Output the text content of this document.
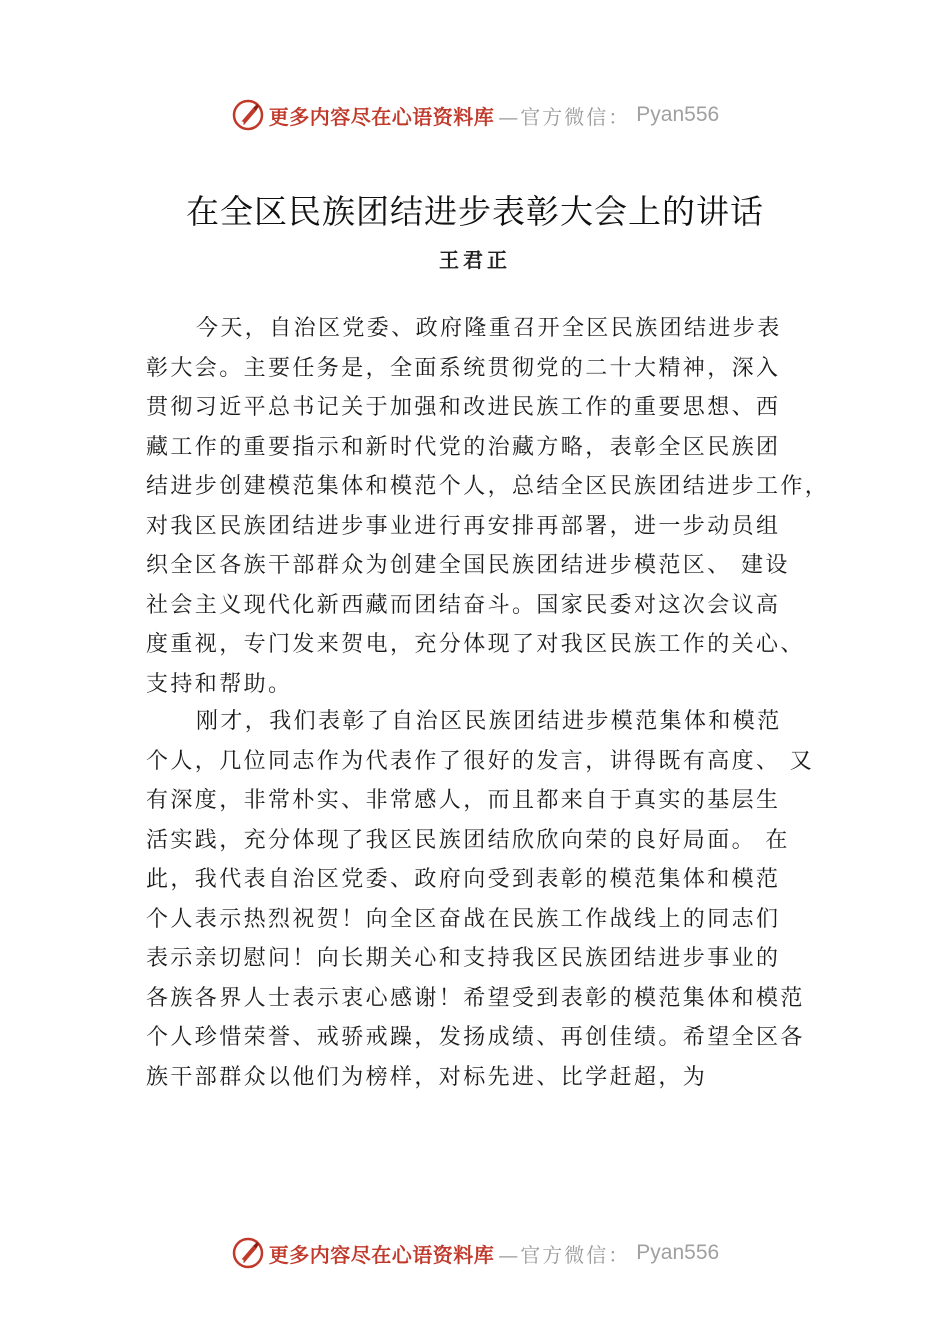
更多内容尽在心语资料库 —官方微信： Pyan556
在全区民族团结进步表彰大会上的讲话
王君正
今天，自治区党委、政府隆重召开全区民族团结进步表
彰大会。主要任务是，全面系统贯彻党的二十大精神，深入
贯彻习近平总书记关于加强和改进民族工作的重要思想、西
藏工作的重要指示和新时代党的治藏方略，表彰全区民族团
结进步创建模范集体和模范个人，总结全区民族团结进步工作，
对我区民族团结进步事业进行再安排再部署，进一步动员组
织全区各族干部群众为创建全国民族团结进步模范区、 建设
社会主义现代化新西藏而团结奋斗。国家民委对这次会议高
度重视，专门发来贺电，充分体现了对我区民族工作的关心、
支持和帮助。
刚才，我们表彰了自治区民族团结进步模范集体和模范
个人，几位同志作为代表作了很好的发言，讲得既有高度、 又
有深度，非常朴实、非常感人，而且都来自于真实的基层生
活实践，充分体现了我区民族团结欣欣向荣的良好局面。 在
此，我代表自治区党委、政府向受到表彰的模范集体和模范
个人表示热烈祝贺！向全区奋战在民族工作战线上的同志们
表示亲切慰问！向长期关心和支持我区民族团结进步事业的
各族各界人士表示衷心感谢！希望受到表彰的模范集体和模范
个人珍惜荣誉、戒骄戒躁，发扬成绩、再创佳绩。希望全区各
族干部群众以他们为榜样，对标先进、比学赶超，为
更多内容尽在心语资料库 —官方微信： Pyan556
